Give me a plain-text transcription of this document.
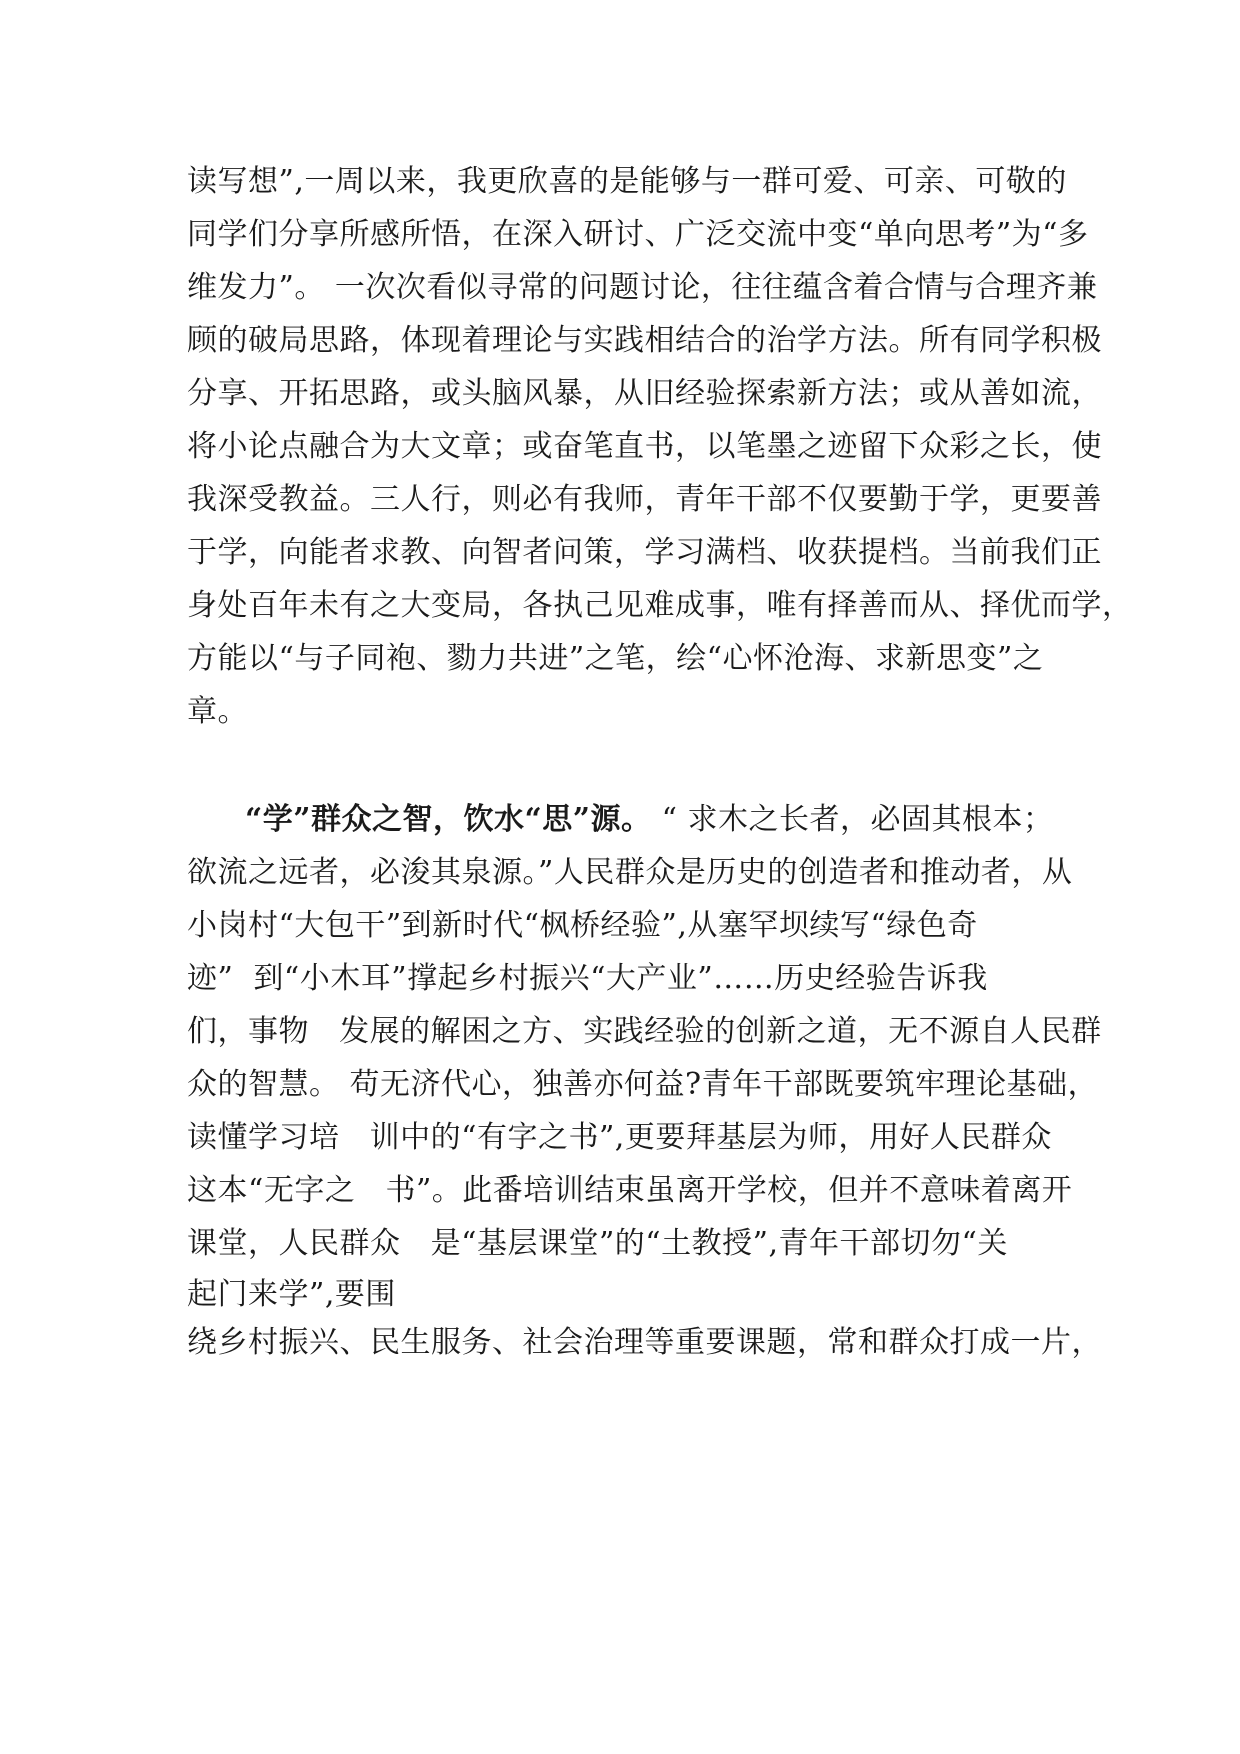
读写想”,一周以来，我更欣喜的是能够与一群可爱、可亲、可敬的
同学们分享所感所悟，在深入研讨、广泛交流中变“单向思考”为“多
维发力”。 一次次看似寻常的问题讨论，往往蕴含着合情与合理齐兼
顾的破局思路，体现着理论与实践相结合的治学方法。所有同学积极
分享、开拓思路，或头脑风暴，从旧经验探索新方法；或从善如流，
将小论点融合为大文章；或奋笔直书，以笔墨之迹留下众彩之长，使
我深受教益。三人行，则必有我师，青年干部不仅要勤于学，更要善
于学，向能者求教、向智者问策，学习满档、收获提档。当前我们正
身处百年未有之大变局，各执己见难成事，唯有择善而从、择优而学，
方能以“与子同袍、勠力共进”之笔，绘“心怀沧海、求新思变”之
章。
“学”群众之智，饮水“思”源。 “ 求木之长者，必固其根本；
欲流之远者，必浚其泉源。”人民群众是历史的创造者和推动者，从
小岗村“大包干”到新时代“枫桥经验”,从塞罕坝续写“绿色奇
迹”  到“小木耳”撑起乡村振兴“大产业”……历史经验告诉我
们，事物   发展的解困之方、实践经验的创新之道，无不源自人民群
众的智慧。 苟无济代心，独善亦何益?青年干部既要筑牢理论基础，
读懂学习培   训中的“有字之书”,更要拜基层为师，用好人民群众
这本“无字之   书”。此番培训结束虽离开学校，但并不意味着离开
课堂，人民群众   是“基层课堂”的“土教授”,青年干部切勿“关
起门来学”,要围
绕乡村振兴、民生服务、社会治理等重要课题，常和群众打成一片，
